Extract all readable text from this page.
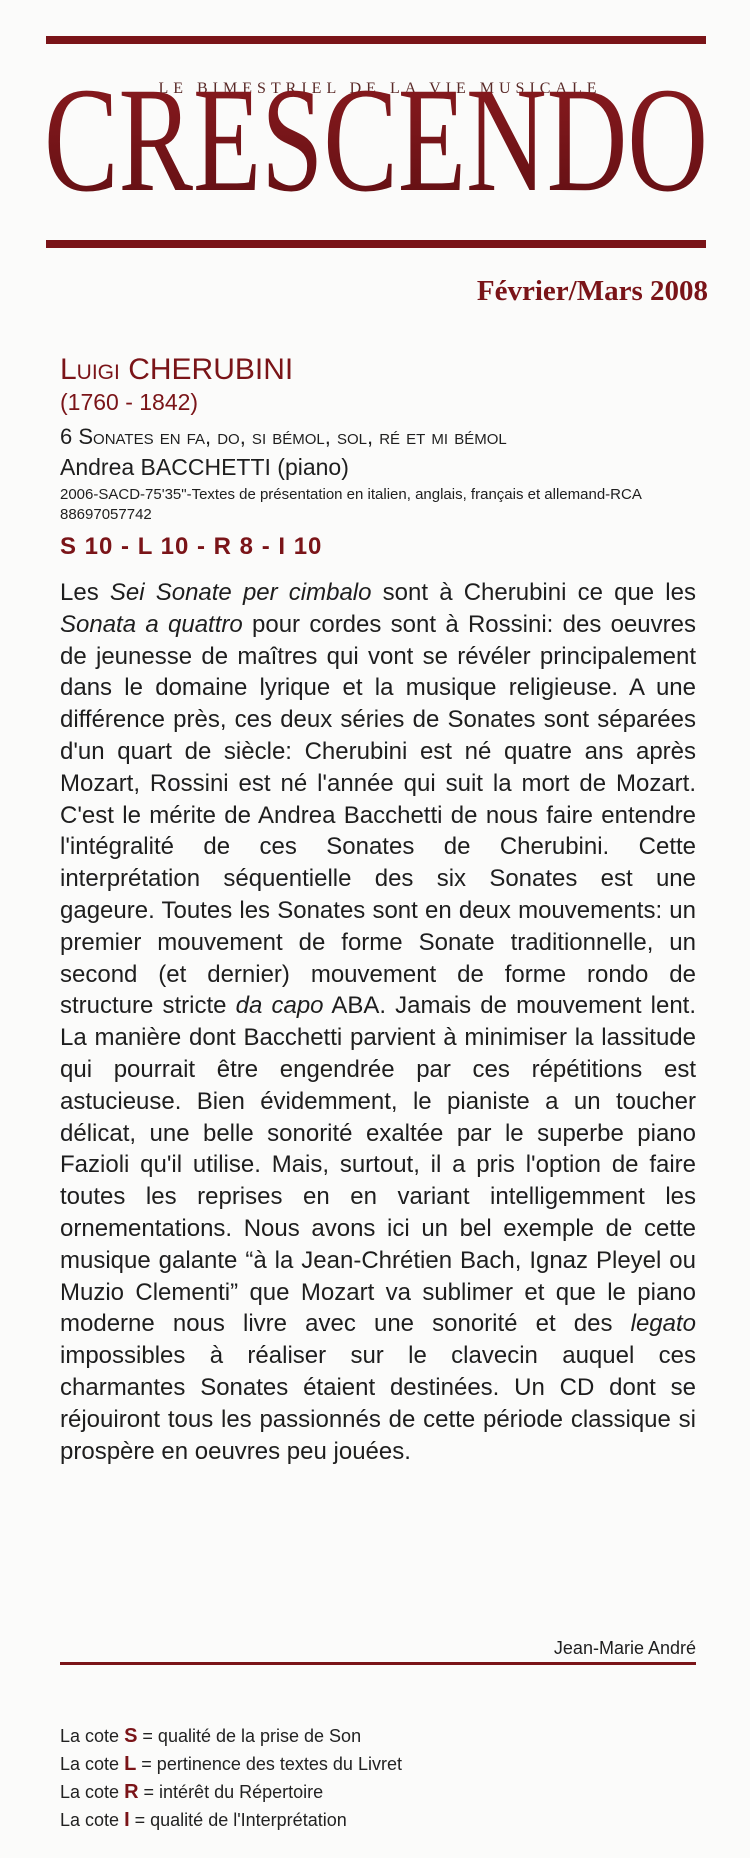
LE BIMESTRIEL DE LA VIE MUSICALE
CRESCENDO
Février/Mars 2008
Luigi CHERUBINI
(1760 - 1842)
6 Sonates en fa, do, si bémol, sol, ré et mi bémol
Andrea BACCHETTI (piano)
2006-SACD-75'35"-Textes de présentation en italien, anglais, français et allemand-RCA 88697057742
S 10 - L 10 - R 8 - I 10
Les Sei Sonate per cimbalo sont à Cherubini ce que les Sonata a quattro pour cordes sont à Rossini: des oeuvres de jeunesse de maîtres qui vont se révéler principalement dans le domaine lyrique et la musique religieuse. A une différence près, ces deux séries de Sonates sont séparées d'un quart de siècle: Cherubini est né quatre ans après Mozart, Rossini est né l'année qui suit la mort de Mozart. C'est le mérite de Andrea Bacchetti de nous faire entendre l'intégralité de ces Sonates de Cherubini. Cette interprétation séquentielle des six Sonates est une gageure. Toutes les Sonates sont en deux mouvements: un premier mouvement de forme Sonate traditionnelle, un second (et dernier) mouvement de forme rondo de structure stricte da capo ABA. Jamais de mouvement lent. La manière dont Bacchetti parvient à minimiser la lassitude qui pourrait être engendrée par ces répétitions est astucieuse. Bien évidemment, le pianiste a un toucher délicat, une belle sonorité exaltée par le superbe piano Fazioli qu'il utilise. Mais, surtout, il a pris l'option de faire toutes les reprises en en variant intelligemment les ornementations. Nous avons ici un bel exemple de cette musique galante “à la Jean-Chrétien Bach, Ignaz Pleyel ou Muzio Clementi” que Mozart va sublimer et que le piano moderne nous livre avec une sonorité et des legato impossibles à réaliser sur le clavecin auquel ces charmantes Sonates étaient destinées. Un CD dont se réjouiront tous les passionnés de cette période classique si prospère en oeuvres peu jouées.
Jean-Marie André
La cote S = qualité de la prise de Son
La cote L = pertinence des textes du Livret
La cote R = intérêt du Répertoire
La cote I = qualité de l'Interprétation
